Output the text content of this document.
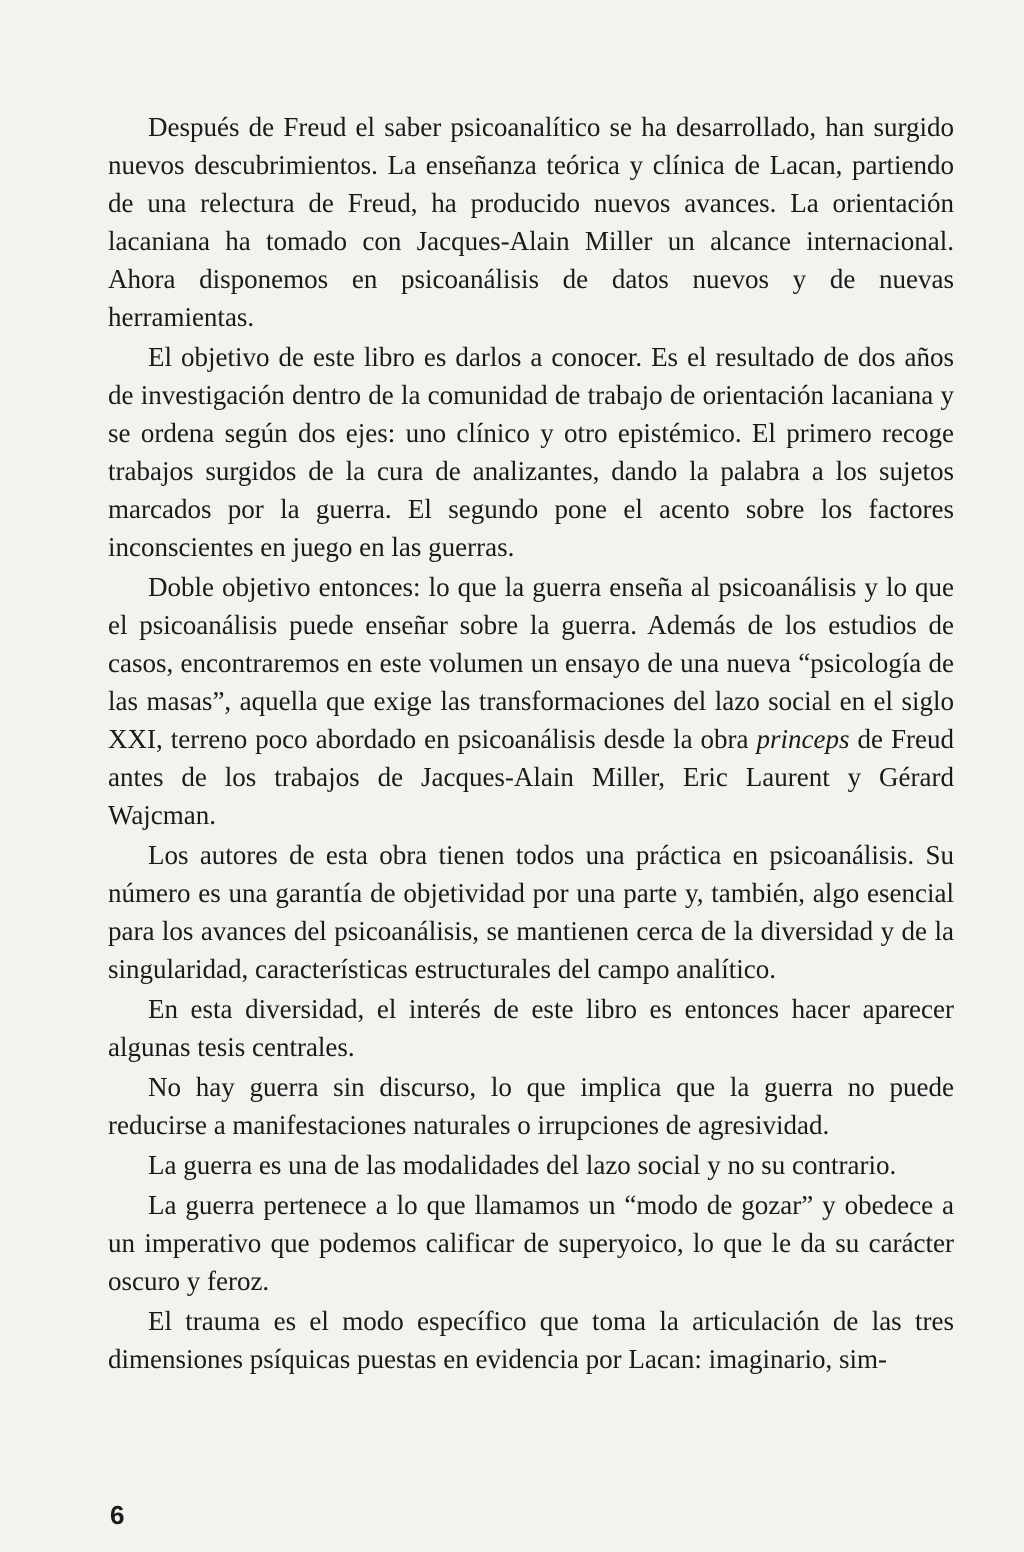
Después de Freud el saber psicoanalítico se ha desarrollado, han surgido nuevos descubrimientos. La enseñanza teórica y clínica de Lacan, partiendo de una relectura de Freud, ha producido nuevos avances. La orientación lacaniana ha tomado con Jacques-Alain Miller un alcance internacional. Ahora disponemos en psicoanálisis de datos nuevos y de nuevas herramientas.

El objetivo de este libro es darlos a conocer. Es el resultado de dos años de investigación dentro de la comunidad de trabajo de orientación lacaniana y se ordena según dos ejes: uno clínico y otro epistémico. El primero recoge trabajos surgidos de la cura de analizantes, dando la palabra a los sujetos marcados por la guerra. El segundo pone el acento sobre los factores inconscientes en juego en las guerras.

Doble objetivo entonces: lo que la guerra enseña al psicoanálisis y lo que el psicoanálisis puede enseñar sobre la guerra. Además de los estudios de casos, encontraremos en este volumen un ensayo de una nueva “psicología de las masas”, aquella que exige las transformaciones del lazo social en el siglo XXI, terreno poco abordado en psicoanálisis desde la obra princeps de Freud antes de los trabajos de Jacques-Alain Miller, Eric Laurent y Gérard Wajcman.

Los autores de esta obra tienen todos una práctica en psicoanálisis. Su número es una garantía de objetividad por una parte y, también, algo esencial para los avances del psicoanálisis, se mantienen cerca de la diversidad y de la singularidad, características estructurales del campo analítico.

En esta diversidad, el interés de este libro es entonces hacer aparecer algunas tesis centrales.

No hay guerra sin discurso, lo que implica que la guerra no puede reducirse a manifestaciones naturales o irrupciones de agresividad.

La guerra es una de las modalidades del lazo social y no su contrario.

La guerra pertenece a lo que llamamos un “modo de gozar” y obedece a un imperativo que podemos calificar de superyoico, lo que le da su carácter oscuro y feroz.

El trauma es el modo específico que toma la articulación de las tres dimensiones psíquicas puestas en evidencia por Lacan: imaginario, sim-

6
